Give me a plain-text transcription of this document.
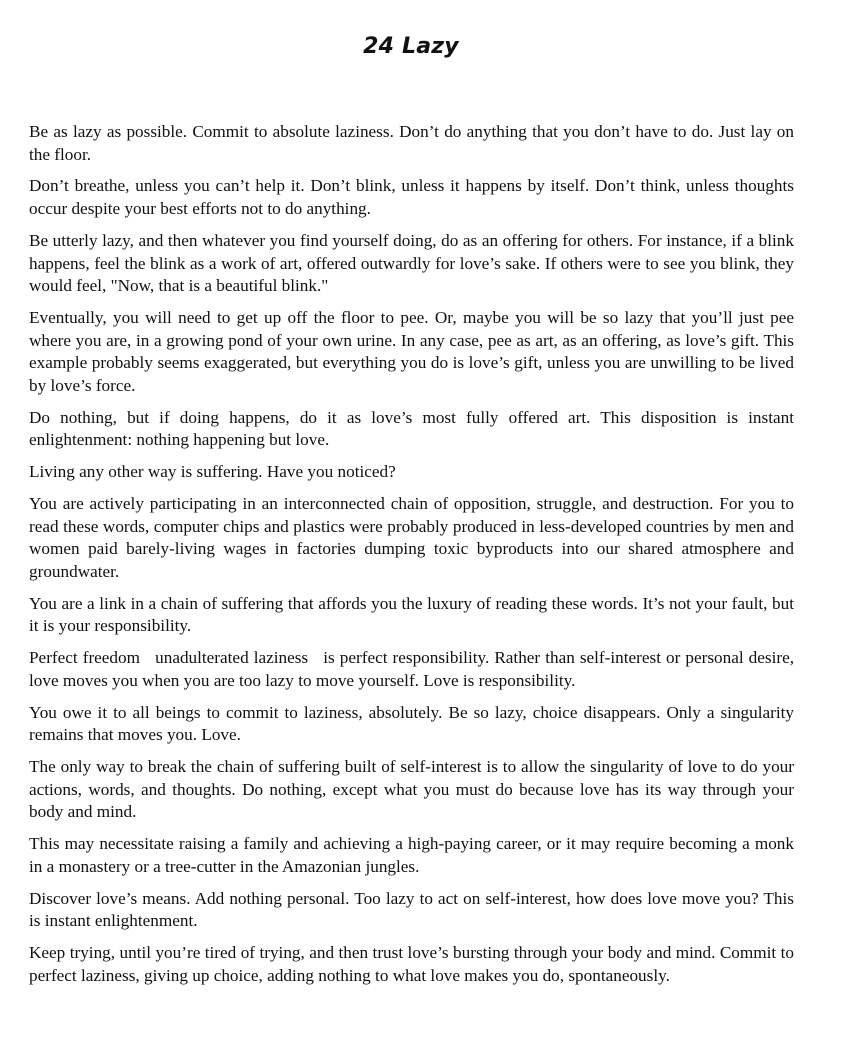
24 Lazy

Be as lazy as possible. Commit to absolute laziness. Don’t do anything that you don’t have to do. Just lay on the floor.

Don’t breathe, unless you can’t help it. Don’t blink, unless it happens by itself. Don’t think, unless thoughts occur despite your best efforts not to do anything.

Be utterly lazy, and then whatever you find yourself doing, do as an offering for others. For instance, if a blink happens, feel the blink as a work of art, offered outwardly for love’s sake. If others were to see you blink, they would feel, "Now, that is a beautiful blink."

Eventually, you will need to get up off the floor to pee. Or, maybe you will be so lazy that you’ll just pee where you are, in a growing pond of your own urine. In any case, pee as art, as an offering, as love’s gift. This example probably seems exaggerated, but everything you do is love’s gift, unless you are unwilling to be lived by love’s force.

Do nothing, but if doing happens, do it as love’s most fully offered art. This disposition is instant enlightenment: nothing happening but love.

Living any other way is suffering. Have you noticed?

You are actively participating in an interconnected chain of opposition, struggle, and destruction. For you to read these words, computer chips and plastics were probably produced in less-developed countries by men and women paid barely-living wages in factories dumping toxic byproducts into our shared atmosphere and groundwater.

You are a link in a chain of suffering that affords you the luxury of reading these words. It’s not your fault, but it is your responsibility.

Perfect freedom   unadulterated laziness   is perfect responsibility. Rather than self-interest or personal desire, love moves you when you are too lazy to move yourself. Love is responsibility.

You owe it to all beings to commit to laziness, absolutely. Be so lazy, choice disappears. Only a singularity remains that moves you. Love.

The only way to break the chain of suffering built of self-interest is to allow the singularity of love to do your actions, words, and thoughts. Do nothing, except what you must do because love has its way through your body and mind.

This may necessitate raising a family and achieving a high-paying career, or it may require becoming a monk in a monastery or a tree-cutter in the Amazonian jungles.

Discover love’s means. Add nothing personal. Too lazy to act on self-interest, how does love move you? This is instant enlightenment.

Keep trying, until you’re tired of trying, and then trust love’s bursting through your body and mind. Commit to perfect laziness, giving up choice, adding nothing to what love makes you do, spontaneously.
